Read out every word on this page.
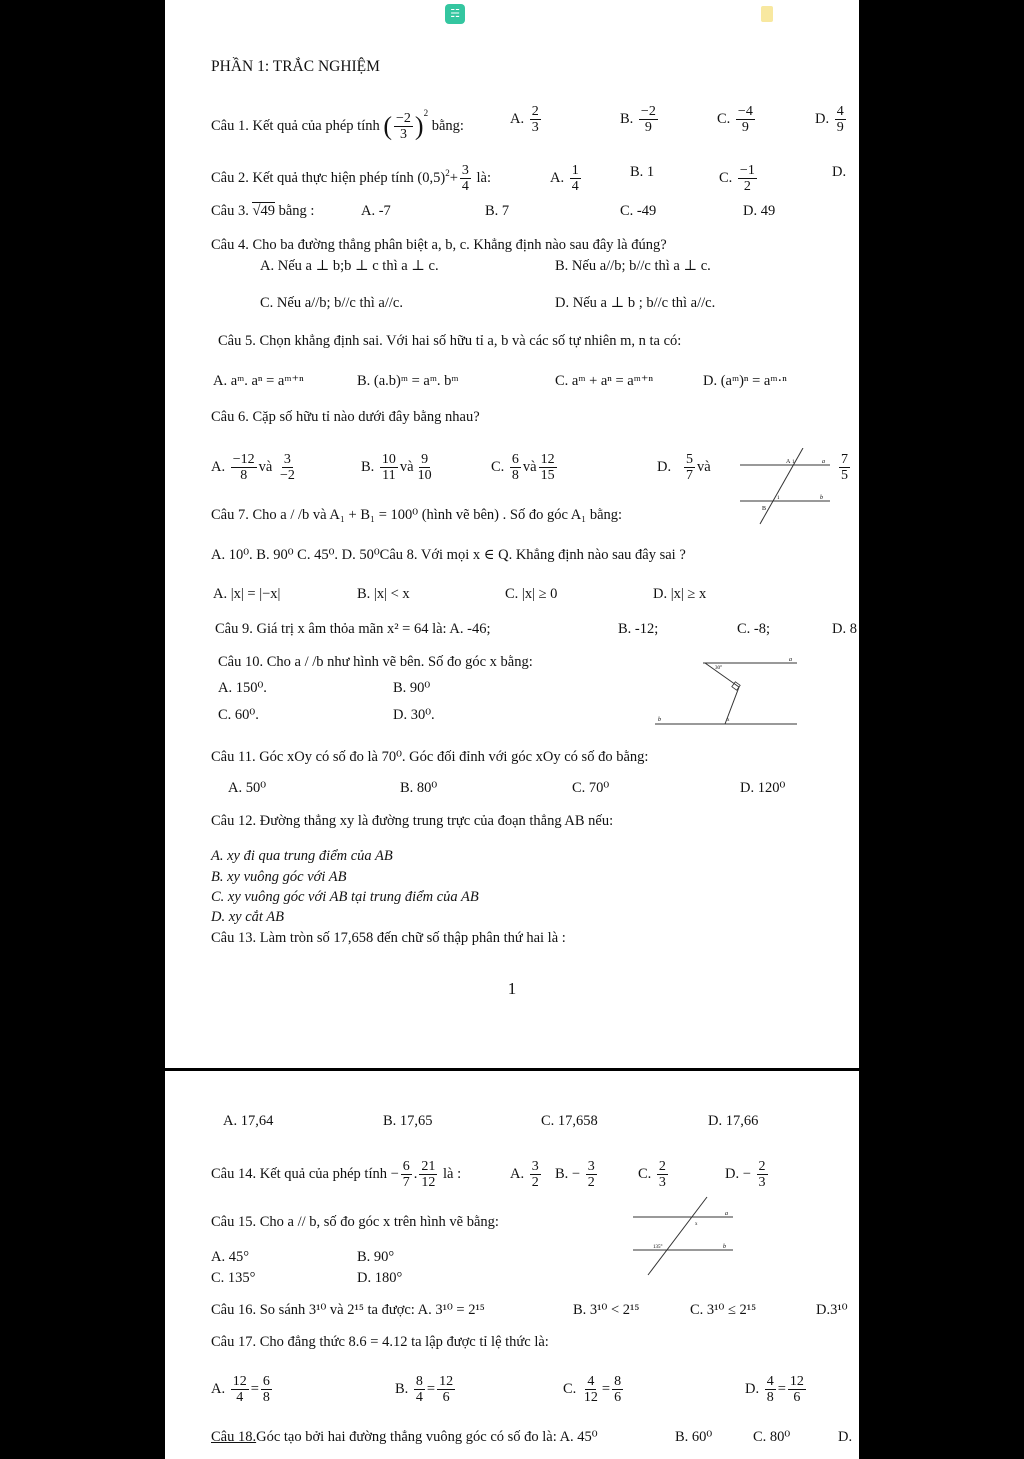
☵
PHẦN 1: TRẮC NGHIỆM
Câu 1. Kết quả của phép tính ( $\frac{-2}{3} )^2$ bằng:	A. $\frac{2}{3}$	B. $\frac{-2}{9}$	C. $\frac{-4}{9}$	D. $\frac{4}{9}$
Câu 2. Kết quả thực hiện phép tính $(0,5)^2+ \frac{3}{4}$ là:	A. $\frac{1}{4}$	B. 1	C. $\frac{-1}{2}$	D.
Câu 3. √49 bằng :	A. -7	B. 7	C. -49	D. 49
Câu 4. Cho ba đường thẳng phân biệt a, b, c. Khẳng định nào sau đây là đúng?
A. Nếu a ⊥ b;b ⊥ c thì a ⊥ c.	B. Nếu a//b; b//c thì a ⊥ c.
C. Nếu a//b; b//c thì a//c.	D. Nếu a ⊥ b ; b//c thì a//c.
Câu 5. Chọn khẳng định sai. Với hai số hữu tỉ a, b và các số tự nhiên m, n ta có:
A. aᵐ. aⁿ = aᵐ⁺ⁿ	B. (a.b)ᵐ = aᵐ. bᵐ	C. aᵐ + aⁿ = aᵐ⁺ⁿ	D. (aᵐ)ⁿ = aᵐ·ⁿ
Câu 6. Cặp số hữu tỉ nào dưới đây bằng nhau?
A. $\frac{-12}{8}$ và $\frac{3}{-2}$	B. $\frac{10}{11}$ và $\frac{9}{10}$	C. $\frac{6}{8}$ và $\frac{12}{15}$	D. $\frac{5}{7}$ và	$\frac{7}{5}$
a
b
A 1
1
B
Câu 7. Cho a / /b và A₁ + B₁ = 100⁰ (hình vẽ bên) . Số đo góc A₁ bằng:
A. 10⁰. B. 90⁰ C. 45⁰. D. 50⁰Câu 8. Với mọi x ∈ Q. Khẳng định nào sau đây sai ?
A. |x| = |−x|	B. |x| < x	C. |x| ≥ 0	D. |x| ≥ x
Câu 9. Giá trị x âm thỏa mãn x² = 64 là: A. -46;	B. -12;	C. -8;	D. 8
Câu 10. Cho a / /b như hình vẽ bên. Số đo góc x bằng:
A. 150⁰.	B. 90⁰
C. 60⁰.	D. 30⁰.
30°
a
b	x
Câu 11. Góc xOy có số đo là 70⁰. Góc đối đỉnh với góc xOy có số đo bằng:
A. 50⁰	B. 80⁰	C. 70⁰	D. 120⁰
Câu 12. Đường thẳng xy là đường trung trực của đoạn thẳng AB nếu:
A. xy đi qua trung điểm của AB
B. xy vuông góc với AB
C. xy vuông góc với AB tại trung điểm của AB
D. xy cắt AB
Câu 13. Làm tròn số 17,658 đến chữ số thập phân thứ hai là :
1
A. 17,64	B. 17,65	C. 17,658	D. 17,66
Câu 14. Kết quả của phép tính − $\frac{6}{7}$ . $\frac{21}{12}$ là :	A. $\frac{3}{2} B$. − $\frac{3}{2}$	C. $\frac{2}{3}$	D. − $\frac{2}{3}$
Câu 15. Cho a // b, số đo góc x trên hình vẽ bằng:
A. 45°	B. 90°
C. 135°	D. 180°
x
135°
a
b
Câu 16. So sánh 3¹⁰ và 2¹⁵ ta được: A. 3¹⁰ = 2¹⁵	B. 3¹⁰ < 2¹⁵	C. 3¹⁰ ≤ 2¹⁵	D.3¹⁰
Câu 17. Cho đẳng thức 8.6 = 4.12 ta lập được tỉ lệ thức là:
A. $\frac{12}{4} = \frac{6}{8}$	B. $\frac{8}{4} = \frac{12}{6}$	C. $\frac{4}{12} = \frac{8}{6}$	D. $\frac{4}{8} = \frac{12}{6}$
Câu 18.Góc tạo bởi hai đường thẳng vuông góc có số đo là: A. 45⁰	B. 60⁰	C. 80⁰	D.
